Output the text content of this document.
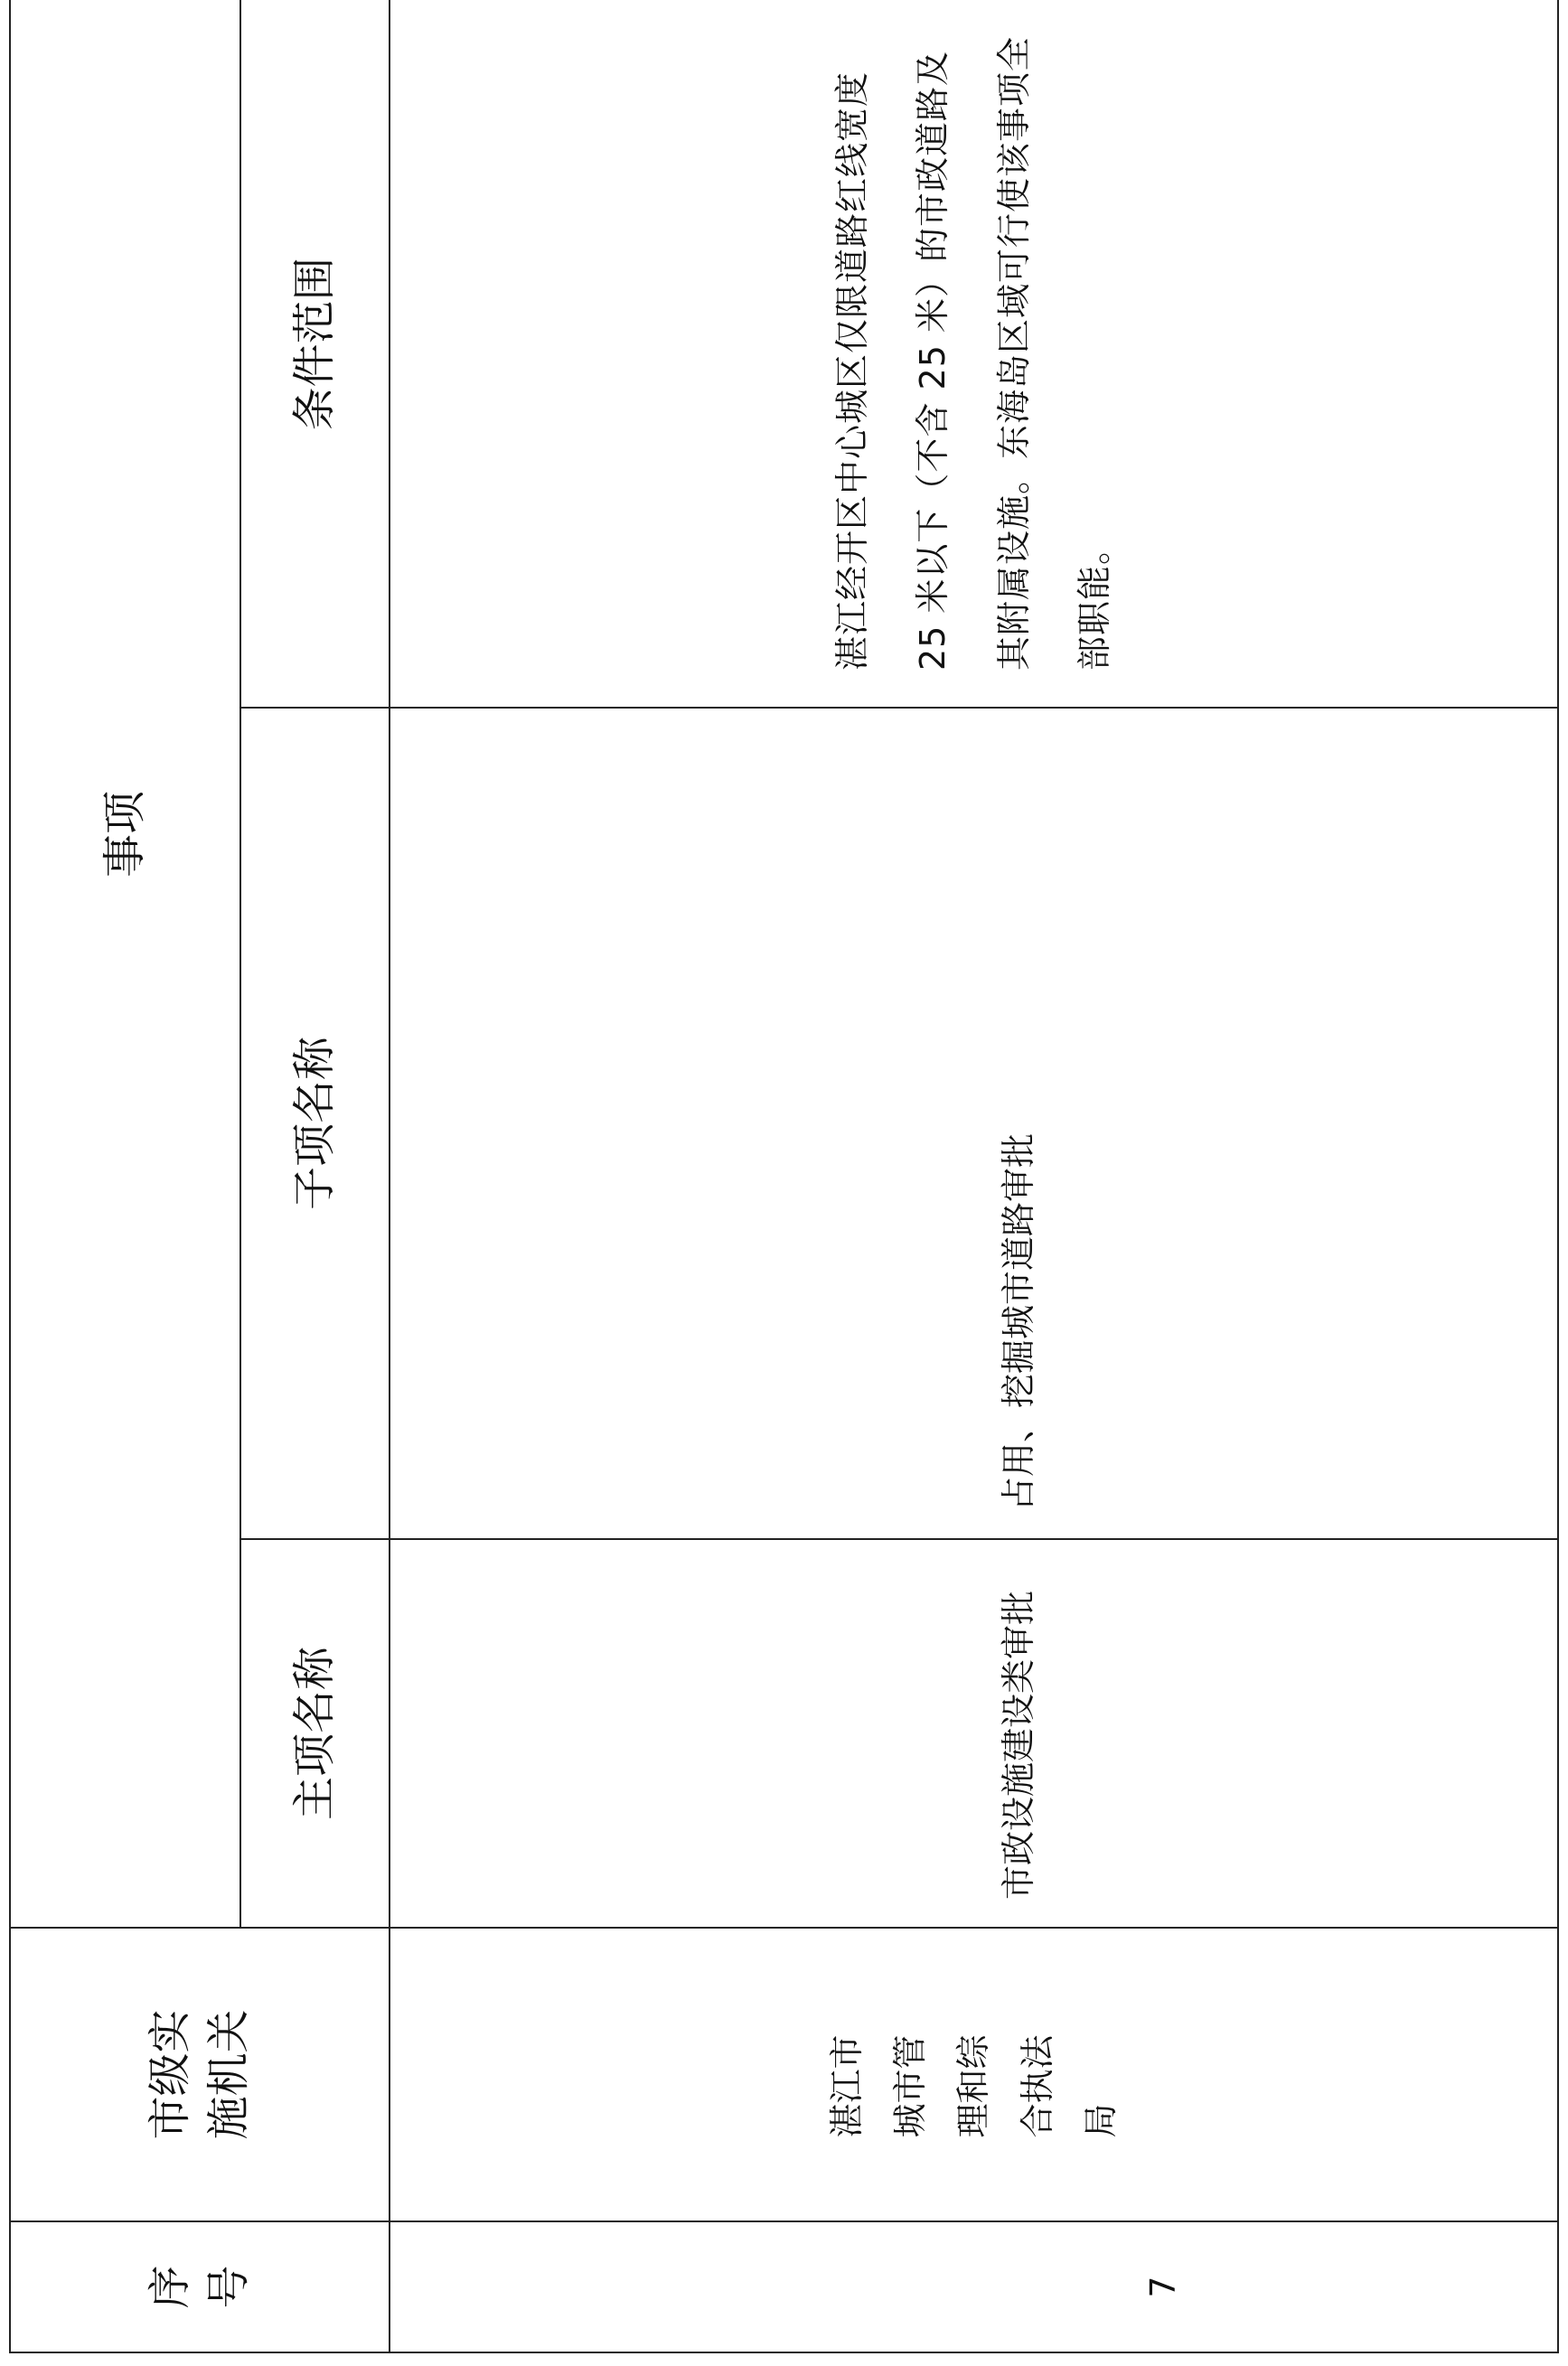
序
号	市级实
施机关	事项				
		主项名称	子项名称	条件范围	

7	湛江市
城市管
理和综
合执法
局	市政设施建设类审批	占用、挖掘城市道路审批	湛江经开区中心城区仅限道路红线宽度 25 米以下（不含 25 米）的市政道路及其附属设施。东海岛区域可行使该事项全部职能。
